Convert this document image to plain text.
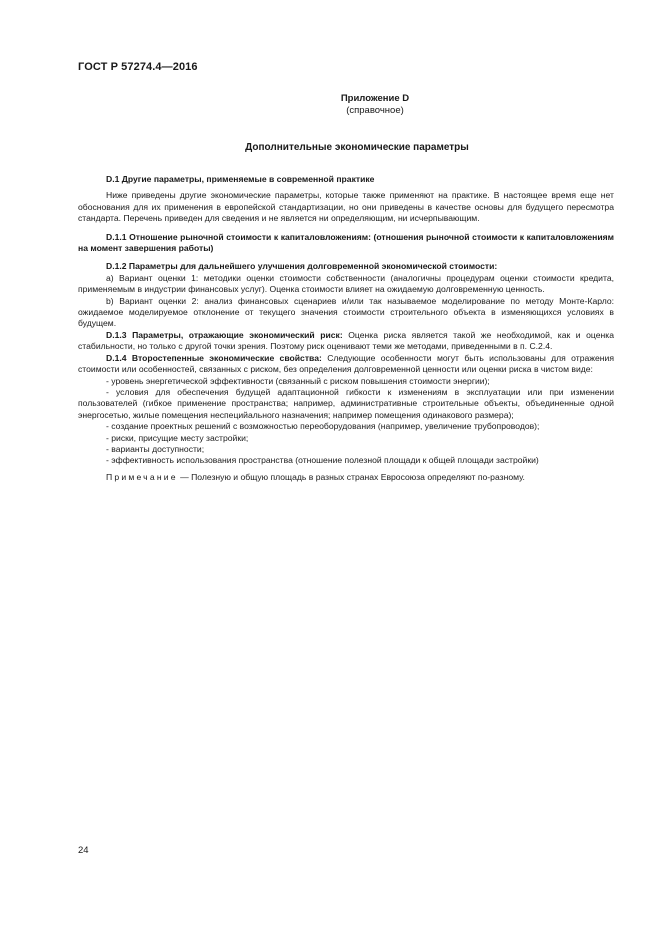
ГОСТ Р 57274.4—2016
Приложение D
(справочное)
Дополнительные экономические параметры

D.1 Другие параметры, применяемые в современной практике

Ниже приведены другие экономические параметры, которые также применяют на практике. В настоящее время еще нет обоснования для их применения в европейской стандартизации, но они приведены в качестве основы для будущего пересмотра стандарта. Перечень приведен для сведения и не является ни определяющим, ни исчерпывающим.

D.1.1 Отношение рыночной стоимости к капиталовложениям: (отношения рыночной стоимости к капиталовложениям на момент завершения работы)

D.1.2 Параметры для дальнейшего улучшения долговременной экономической стоимости:

a) Вариант оценки 1: методики оценки стоимости собственности (аналогичны процедурам оценки стоимости кредита, применяемым в индустрии финансовых услуг). Оценка стоимости влияет на ожидаемую долговременную ценность.

b) Вариант оценки 2: анализ финансовых сценариев и/или так называемое моделирование по методу Монте-Карло: ожидаемое моделируемое отклонение от текущего значения стоимости строительного объекта в изменяющихся условиях в будущем.

D.1.3 Параметры, отражающие экономический риск: Оценка риска является такой же необходимой, как и оценка стабильности, но только с другой точки зрения. Поэтому риск оценивают теми же методами, приведенными в п. С.2.4.

D.1.4 Второстепенные экономические свойства: Следующие особенности могут быть использованы для отражения стоимости или особенностей, связанных с риском, без определения долговременной ценности или оценки риска в чистом виде:

- уровень энергетической эффективности (связанный с риском повышения стоимости энергии);

- условия для обеспечения будущей адаптационной гибкости к изменениям в эксплуатации или при изменении пользователей (гибкое применение пространства; например, административные строительные объекты, объединенные одной энергосетью, жилые помещения неспецийального назначения; например помещения одинакового размера);

- создание проектных решений с возможностью переоборудования (например, увеличение трубопроводов);

- риски, присущие месту застройки;

- варианты доступности;

- эффективность использования пространства (отношение полезной площади к общей площади застройки)

Примечание — Полезную и общую площадь в разных странах Евросоюза определяют по-разному.

24
